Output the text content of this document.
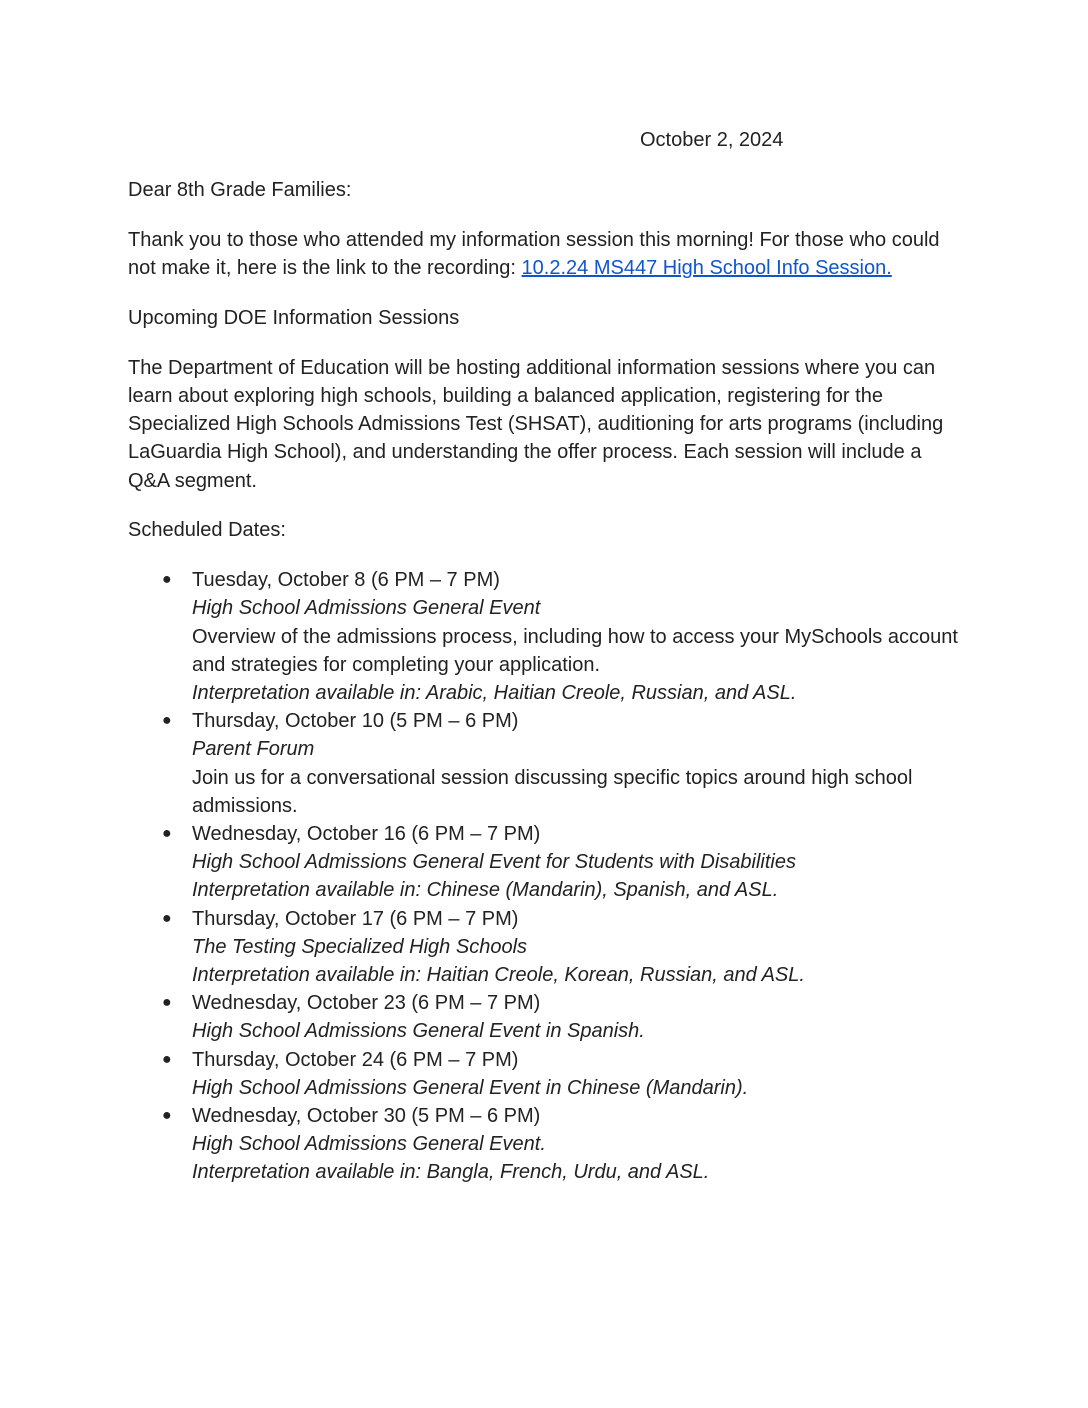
October 2, 2024

Dear 8th Grade Families:

Thank you to those who attended my information session this morning! For those who could not make it, here is the link to the recording: 10.2.24 MS447 High School Info Session.

Upcoming DOE Information Sessions

The Department of Education will be hosting additional information sessions where you can learn about exploring high schools, building a balanced application, registering for the Specialized High Schools Admissions Test (SHSAT), auditioning for arts programs (including LaGuardia High School), and understanding the offer process. Each session will include a Q&A segment.

Scheduled Dates:

● Tuesday, October 8 (6 PM – 7 PM)
High School Admissions General Event
Overview of the admissions process, including how to access your MySchools account and strategies for completing your application.
Interpretation available in: Arabic, Haitian Creole, Russian, and ASL.
● Thursday, October 10 (5 PM – 6 PM)
Parent Forum
Join us for a conversational session discussing specific topics around high school admissions.
● Wednesday, October 16 (6 PM – 7 PM)
High School Admissions General Event for Students with Disabilities
Interpretation available in: Chinese (Mandarin), Spanish, and ASL.
● Thursday, October 17 (6 PM – 7 PM)
The Testing Specialized High Schools
Interpretation available in: Haitian Creole, Korean, Russian, and ASL.
● Wednesday, October 23 (6 PM – 7 PM)
High School Admissions General Event in Spanish.
● Thursday, October 24 (6 PM – 7 PM)
High School Admissions General Event in Chinese (Mandarin).
● Wednesday, October 30 (5 PM – 6 PM)
High School Admissions General Event.
Interpretation available in: Bangla, French, Urdu, and ASL.
